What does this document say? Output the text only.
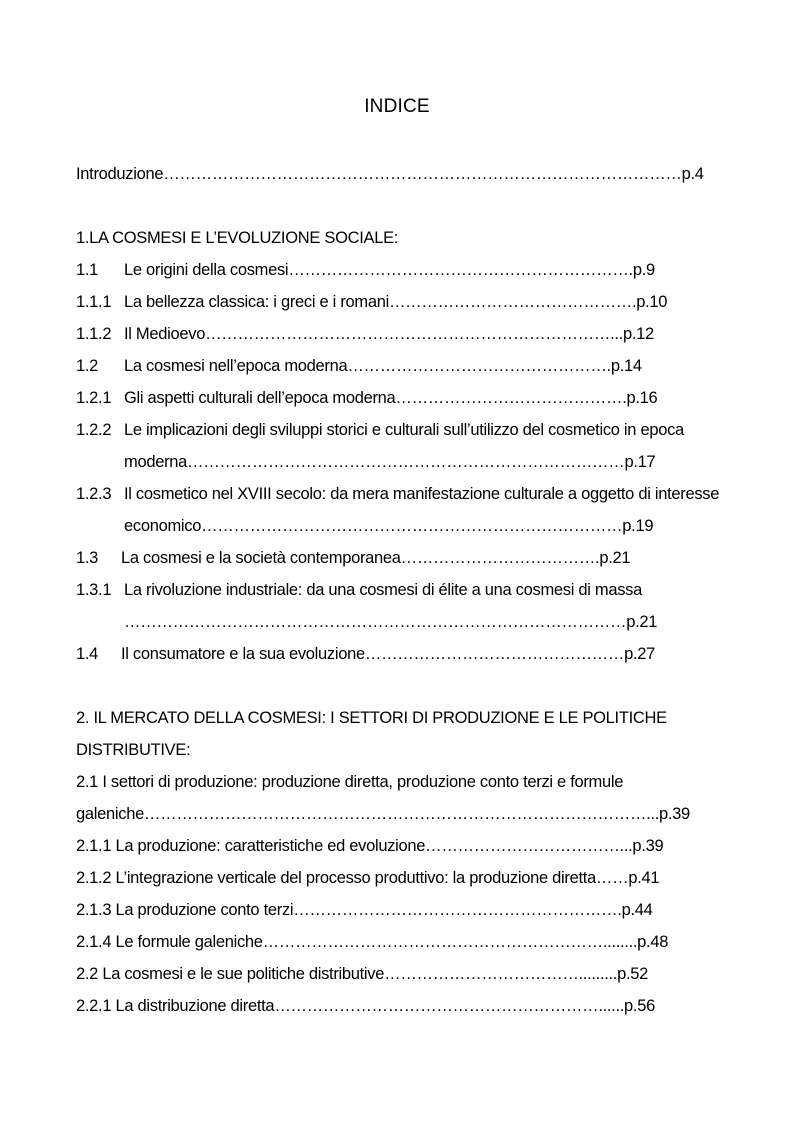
INDICE
Introduzione……………………………………………………………………………………p.4
1.LA COSMESI E L’EVOLUZIONE SOCIALE:
1.1 Le origini della cosmesi……………………………………………………….p.9
1.1.1 La bellezza classica: i greci e i romani……………………………………….p.10
1.1.2 Il Medioevo…………………………………………………………………...p.12
1.2 La cosmesi nell’epoca moderna………………………………………….p.14
1.2.1 Gli aspetti culturali dell’epoca moderna…………………………………….p.16
1.2.2 Le implicazioni degli sviluppi storici e culturali sull’utilizzo del cosmetico in epoca
moderna………………………………………………………………………p.17
1.2.3 Il cosmetico nel XVIII secolo: da mera manifestazione culturale a oggetto di interesse
economico……………………………………………………………………p.19
1.3 La cosmesi e la società contemporanea……………………………….p.21
1.3.1 La rivoluzione industriale: da una cosmesi di élite a una cosmesi di massa
…………………………………………………………………………………p.21
1.4 Il consumatore e la sua evoluzione…………………………………………p.27
2. IL MERCATO DELLA COSMESI: I SETTORI DI PRODUZIONE E LE POLITICHE
DISTRIBUTIVE:
2.1 I settori di produzione: produzione diretta, produzione conto terzi e formule
galeniche…………………………………………………………………………………...p.39
2.1.1 La produzione: caratteristiche ed evoluzione………………………………...p.39
2.1.2 L’integrazione verticale del processo produttivo: la produzione diretta……p.41
2.1.3 La produzione conto terzi…………………………………………………….p.44
2.1.4 Le formule galeniche………………………………………………………........p.48
2.2 La cosmesi e le sue politiche distributive……………………………….........p.52
2.2.1 La distribuzione diretta……………………………………………………......p.56
